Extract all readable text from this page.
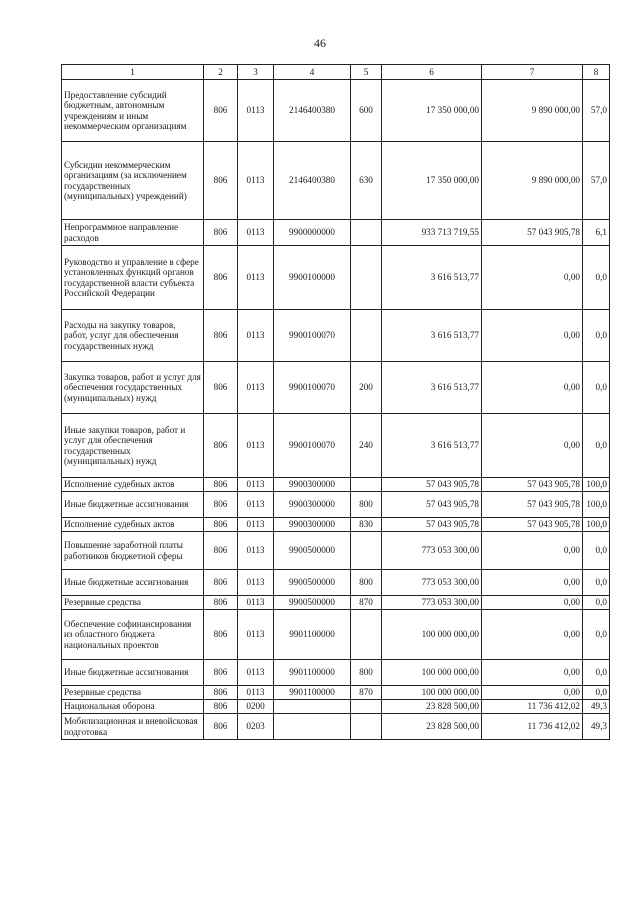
46
1	2	3	4	5	6	7	8
Предоставление субсидий бюджетным, автономным учреждениям и иным некоммерческим организациям	806	0113	2146400380	600	17 350 000,00	9 890 000,00	57,0
Субсидии некоммерческим организациям (за исключением государственных (муниципальных) учреждений)	806	0113	2146400380	630	17 350 000,00	9 890 000,00	57,0
Непрограммное направление расходов	806	0113	9900000000		933 713 719,55	57 043 905,78	6,1
Руководство и управление в сфере установленных функций органов государственной власти субъекта Российской Федерации	806	0113	9900100000		3 616 513,77	0,00	0,0
Расходы на закупку товаров, работ, услуг для обеспечения государственных нужд	806	0113	9900100070		3 616 513,77	0,00	0,0
Закупка товаров, работ и услуг для обеспечения государственных (муниципальных) нужд	806	0113	9900100070	200	3 616 513,77	0,00	0,0
Иные закупки товаров, работ и услуг для обеспечения государственных (муниципальных) нужд	806	0113	9900100070	240	3 616 513,77	0,00	0,0
Исполнение судебных актов	806	0113	9900300000		57 043 905,78	57 043 905,78	100,0
Иные бюджетные ассигнования	806	0113	9900300000	800	57 043 905,78	57 043 905,78	100,0
Исполнение судебных актов	806	0113	9900300000	830	57 043 905,78	57 043 905,78	100,0
Повышение заработной платы работников бюджетной сферы	806	0113	9900500000		773 053 300,00	0,00	0,0
Иные бюджетные ассигнования	806	0113	9900500000	800	773 053 300,00	0,00	0,0
Резервные средства	806	0113	9900500000	870	773 053 300,00	0,00	0,0
Обеспечение софинансирования из областного бюджета национальных проектов	806	0113	9901100000		100 000 000,00	0,00	0,0
Иные бюджетные ассигнования	806	0113	9901100000	800	100 000 000,00	0,00	0,0
Резервные средства	806	0113	9901100000	870	100 000 000,00	0,00	0,0
Национальная оборона	806	0200			23 828 500,00	11 736 412,02	49,3
Мобилизационная и вневойсковая подготовка	806	0203			23 828 500,00	11 736 412,02	49,3
